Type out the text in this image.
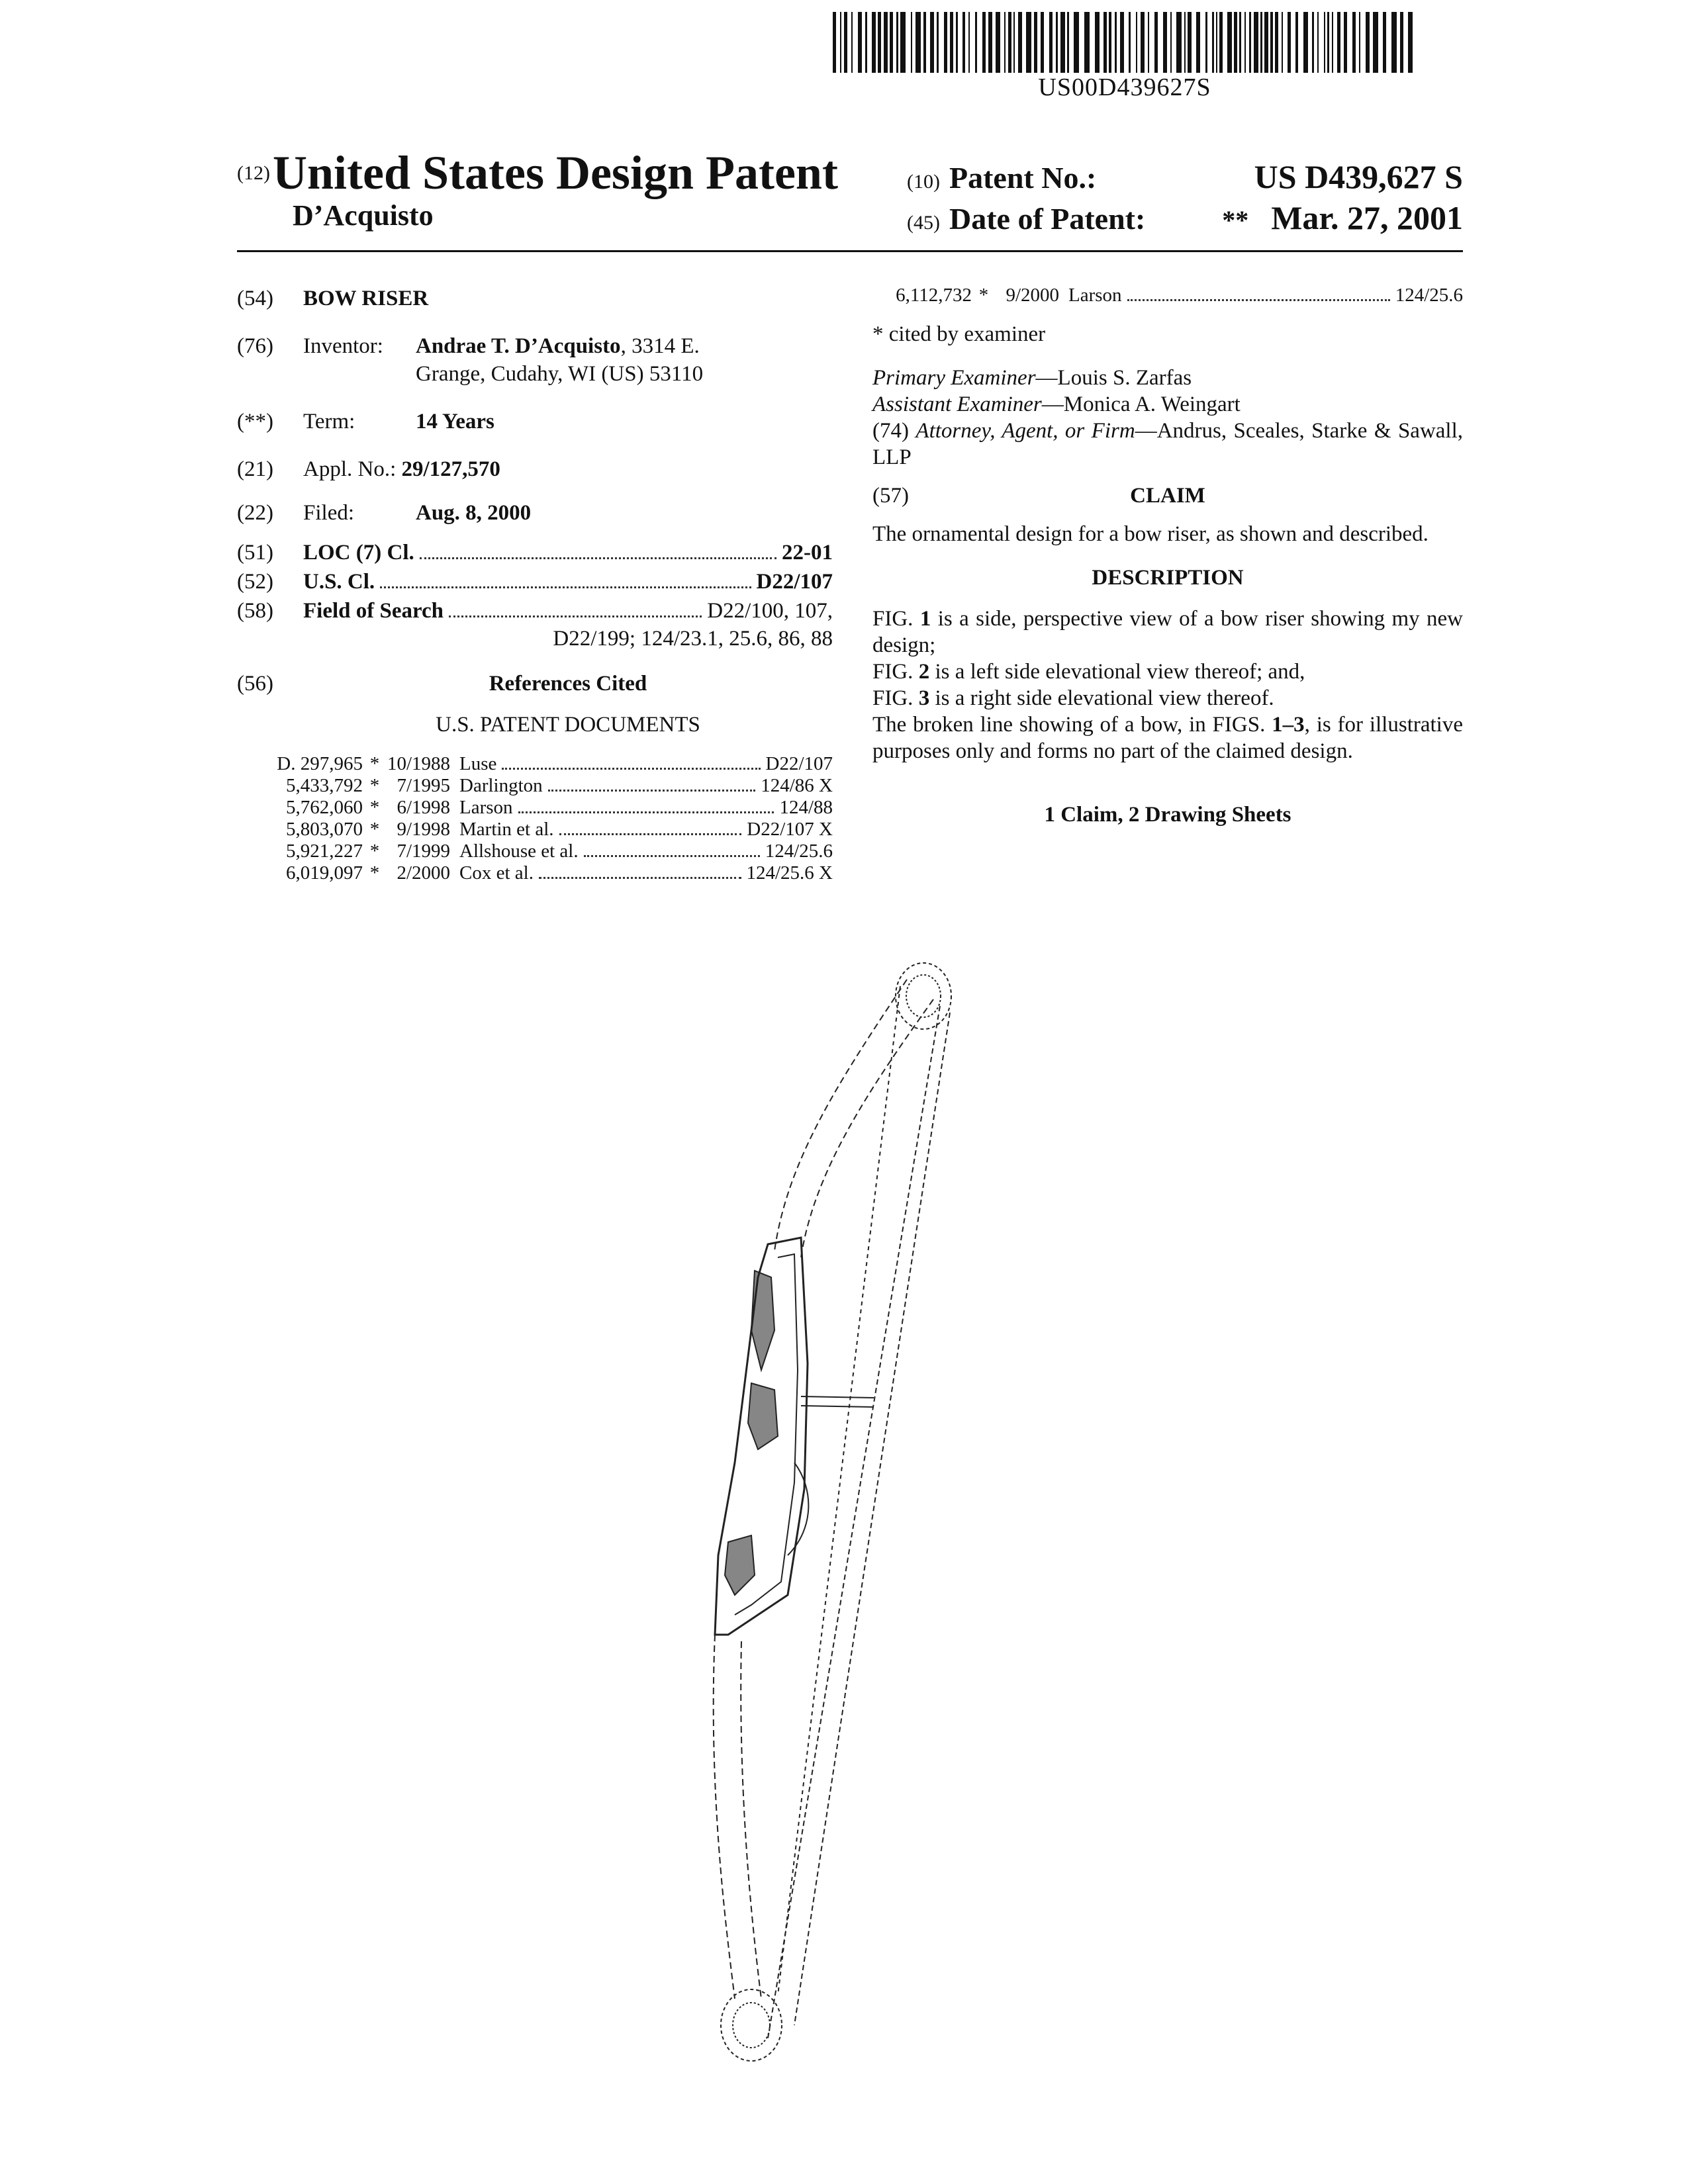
US00D439627S
(12) United States Design Patent
D’Acquisto
(10) Patent No.:	US D439,627 S
(45) Date of Patent:	** Mar. 27, 2001
(54)	BOW RISER
(76)	Inventor: Andrae T. D’Acquisto, 3314 E.
Grange, Cudahy, WI (US) 53110
(**)	Term:	14 Years
(21)	Appl. No.: 29/127,570
(22)	Filed:	Aug. 8, 2000
(51)	LOC (7) Cl.	22-01
(52)	U.S. Cl.	D22/107
(58)	Field of Search	D22/100, 107,
D22/199; 124/23.1, 25.6, 86, 88
(56)	References Cited
U.S. PATENT DOCUMENTS
D. 297,965 * 10/1988 Luse	D22/107
5,433,792 * 7/1995 Darlington	124/86 X
5,762,060 * 6/1998 Larson	124/88
5,803,070 * 9/1998 Martin et al.	D22/107 X
5,921,227 * 7/1999 Allshouse et al.	124/25.6
6,019,097 * 2/2000 Cox et al.	124/25.6 X
6,112,732 * 9/2000 Larson	124/25.6
* cited by examiner
Primary Examiner—Louis S. Zarfas
Assistant Examiner—Monica A. Weingart
(74) Attorney, Agent, or Firm—Andrus, Sceales, Starke & Sawall, LLP
(57)	CLAIM
The ornamental design for a bow riser, as shown and described.
DESCRIPTION
FIG. 1 is a side, perspective view of a bow riser showing my new design;
FIG. 2 is a left side elevational view thereof; and,
FIG. 3 is a right side elevational view thereof.
The broken line showing of a bow, in FIGS. 1–3, is for illustrative purposes only and forms no part of the claimed design.
1 Claim, 2 Drawing Sheets
